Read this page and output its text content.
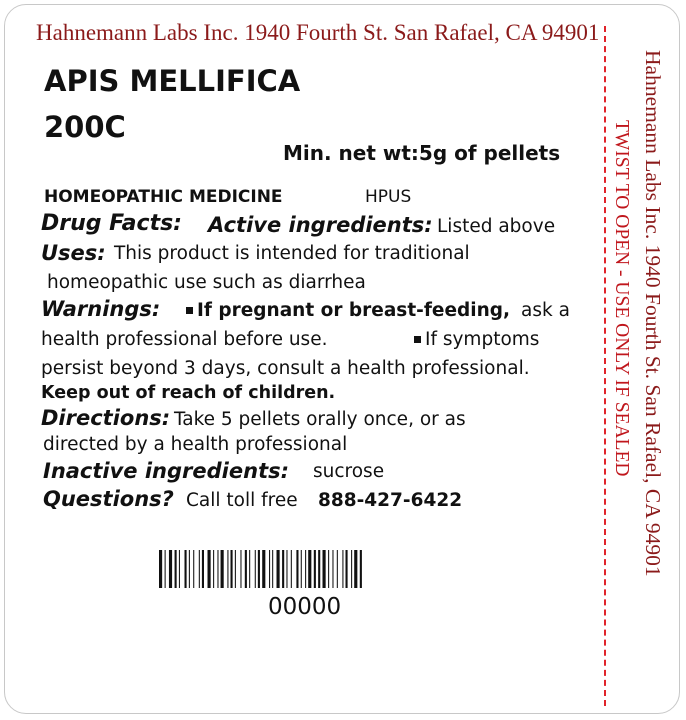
Hahnemann Labs Inc. 1940 Fourth St. San Rafael, CA 94901
APIS MELLIFICA
200C
Min. net wt:5g of pellets
HOMEOPATHIC MEDICINE	HPUS
Drug Facts: Active ingredients: Listed above
Uses: This product is intended for traditional
homeopathic use such as diarrhea
Warnings:	If pregnant or breast-feeding, ask a
health professional before use.	If symptoms
persist beyond 3 days, consult a health professional.
Keep out of reach of children.
Directions: Take 5 pellets orally once, or as
directed by a health professional
Inactive ingredients: sucrose
Questions? Call toll free 888-427-6422
00000
Hahnemann Labs Inc. 1940 Fourth St. San Rafael, CA 94901
TWIST TO OPEN - USE ONLY IF SEALED
